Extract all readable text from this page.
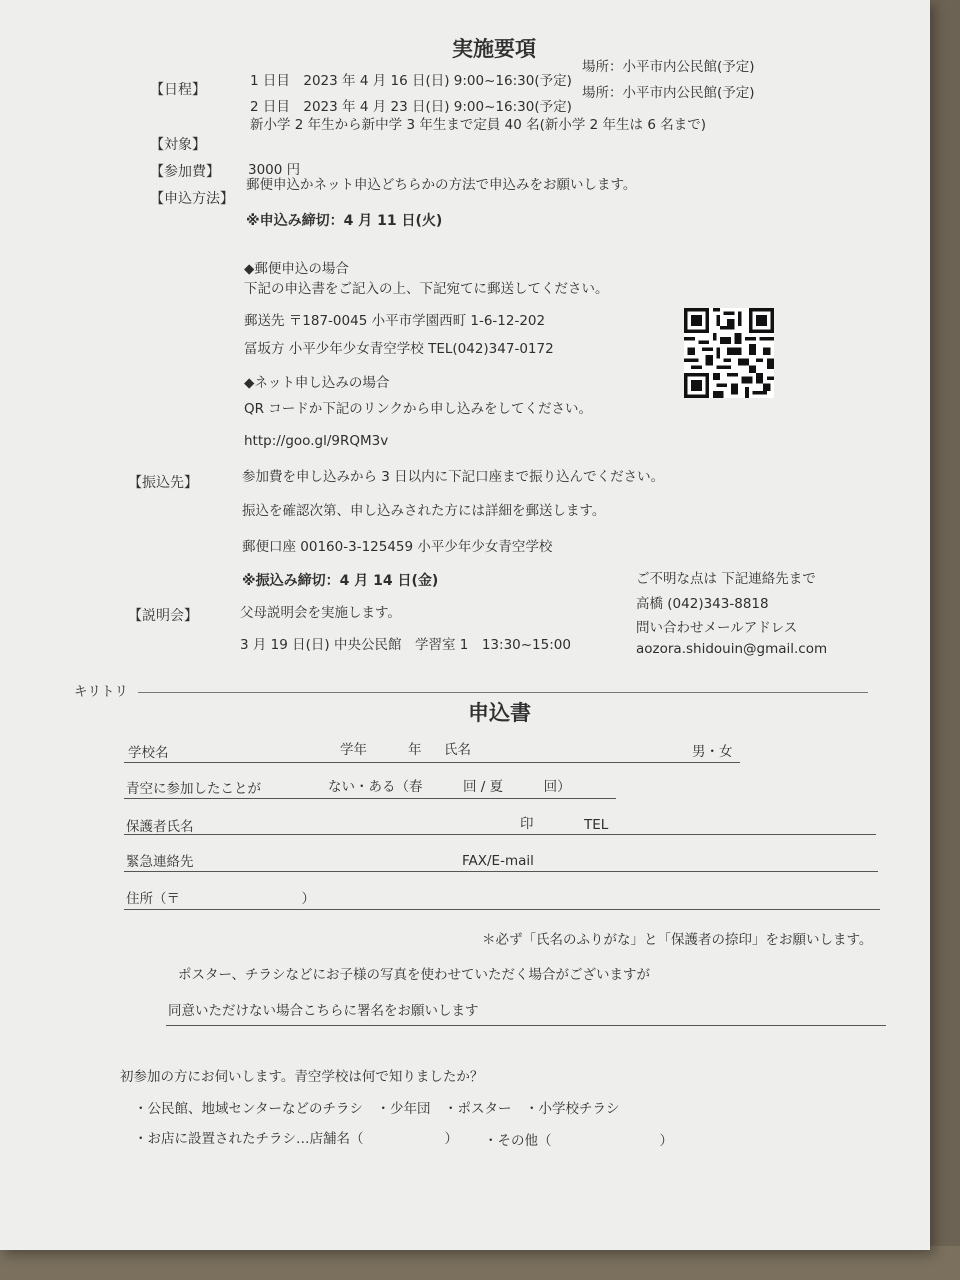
実施要項
【日程】
1 日目　2023 年 4 月 16 日(日) 9:00~16:30(予定)
場所：小平市内公民館(予定)
2 日目　2023 年 4 月 23 日(日) 9:00~16:30(予定)
場所：小平市内公民館(予定)
【対象】
新小学 2 年生から新中学 3 年生まで定員 40 名(新小学 2 年生は 6 名まで)
【参加費】 3000 円
【申込方法】
郵便申込かネット申込どちらかの方法で申込みをお願いします。
※申込み締切：4 月 11 日(火)
◆郵便申込の場合
下記の申込書をご記入の上、下記宛てに郵送してください。
郵送先 〒187-0045 小平市学園西町 1-6-12-202
冨坂方 小平少年少女青空学校 TEL(042)347-0172
◆ネット申し込みの場合
QR コードか下記のリンクから申し込みをしてください。
http://goo.gl/9RQM3v
【振込先】	参加費を申し込みから 3 日以内に下記口座まで振り込んでください。
振込を確認次第、申し込みされた方には詳細を郵送します。
郵便口座 00160-3-125459 小平少年少女青空学校
※振込み締切：4 月 14 日(金)
【説明会】	父母説明会を実施します。
3 月 19 日(日) 中央公民館　学習室 1　13:30~15:00
ご不明な点は 下記連絡先まで
高橋 (042)343-8818
問い合わせメールアドレス
aozora.shidouin@gmail.com
キリトリ
申込書
学校名	学年	年 氏名	男・女
青空に参加したことが	ない・ある（春　　　回 / 夏　　　回）
保護者氏名	印	TEL
緊急連絡先	FAX/E-mail
住所（〒　　　　　　　　　）
＊必ず「氏名のふりがな」と「保護者の捺印」をお願いします。
ポスター、チラシなどにお子様の写真を使わせていただく場合がございますが
同意いただけない場合こちらに署名をお願いします
初参加の方にお伺いします。青空学校は何で知りましたか？
・公民館、地域センターなどのチラシ　・少年団　・ポスター　・小学校チラシ
・お店に設置されたチラシ…店舗名（　　　　　　） ・その他（　　　　　　　　）
